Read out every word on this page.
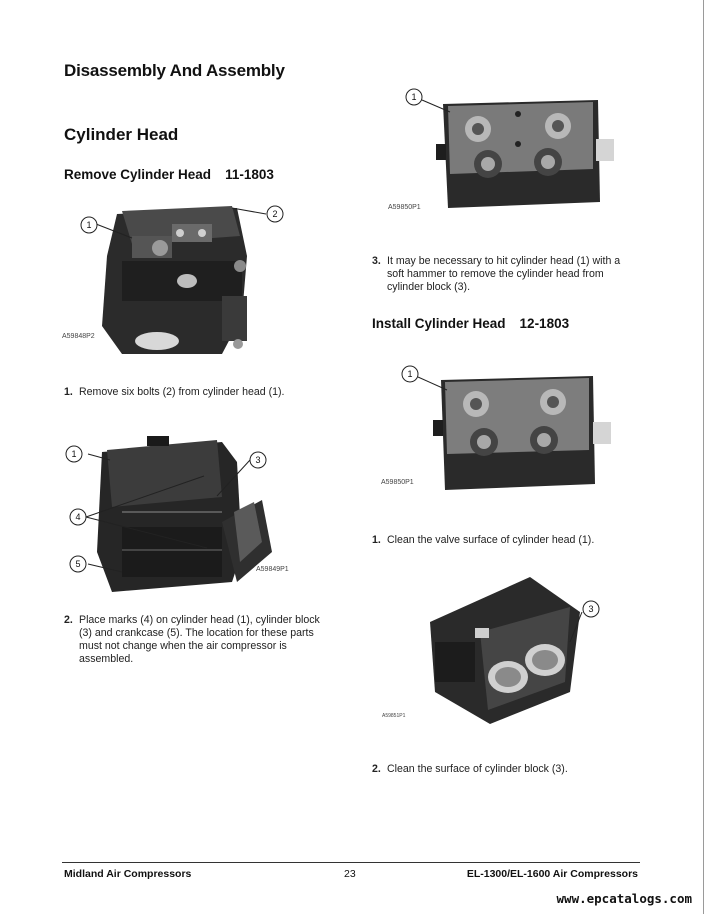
Disassembly And Assembly
Cylinder Head
Remove Cylinder Head 11-1803
Install Cylinder Head 12-1803
1
2
A59848P2
1. Remove six bolts (2) from cylinder head (1).
1
3
4
5
A59849P1
2. Place marks (4) on cylinder head (1), cylinder block (3) and crankcase (5). The location for these parts must not change when the air compressor is assembled.
1
A59850P1
3. It may be necessary to hit cylinder head (1) with a soft hammer to remove the cylinder head from cylinder block (3).
1
A59850P1
1. Clean the valve surface of cylinder head (1).
3
A59851P1
2. Clean the surface of cylinder block (3).
Midland Air Compressors	23	EL-1300/EL-1600 Air Compressors
www.epcatalogs.com
